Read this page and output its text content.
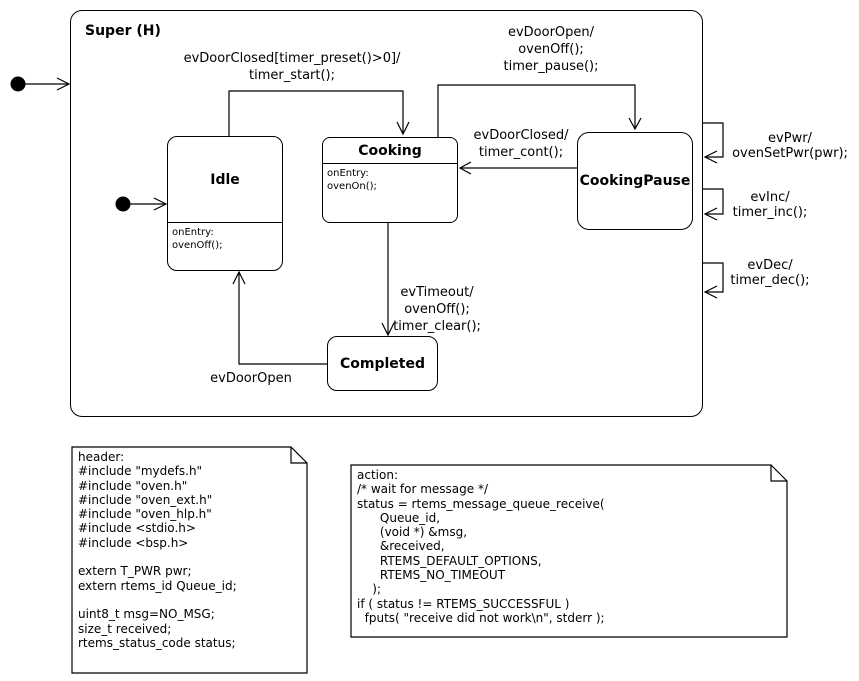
Super (H)
Idle
onEntry:
ovenOff();
Cooking
onEntry:
ovenOn();	CookingPause
Completed
evDoorClosed[timer_preset()>0]/
timer_start();
evDoorOpen/
ovenOff();
timer_pause();
evDoorClosed/
timer_cont();
evTimeout/
ovenOff();
timer_clear();
evDoorOpen
evPwr/
ovenSetPwr(pwr);
evInc/
timer_inc();
evDec/
timer_dec();
header:
#include "mydefs.h"
#include "oven.h"
#include "oven_ext.h"
#include "oven_hlp.h"
#include <stdio.h>
#include <bsp.h>

extern T_PWR pwr;
extern rtems_id Queue_id;

uint8_t msg=NO_MSG;
size_t received;
rtems_status_code status;
action:
/* wait for message */
status = rtems_message_queue_receive(
Queue_id,
(void *) &msg,
&received,
RTEMS_DEFAULT_OPTIONS,
RTEMS_NO_TIMEOUT
);
if ( status != RTEMS_SUCCESSFUL )
fputs( "receive did not work\n", stderr );
